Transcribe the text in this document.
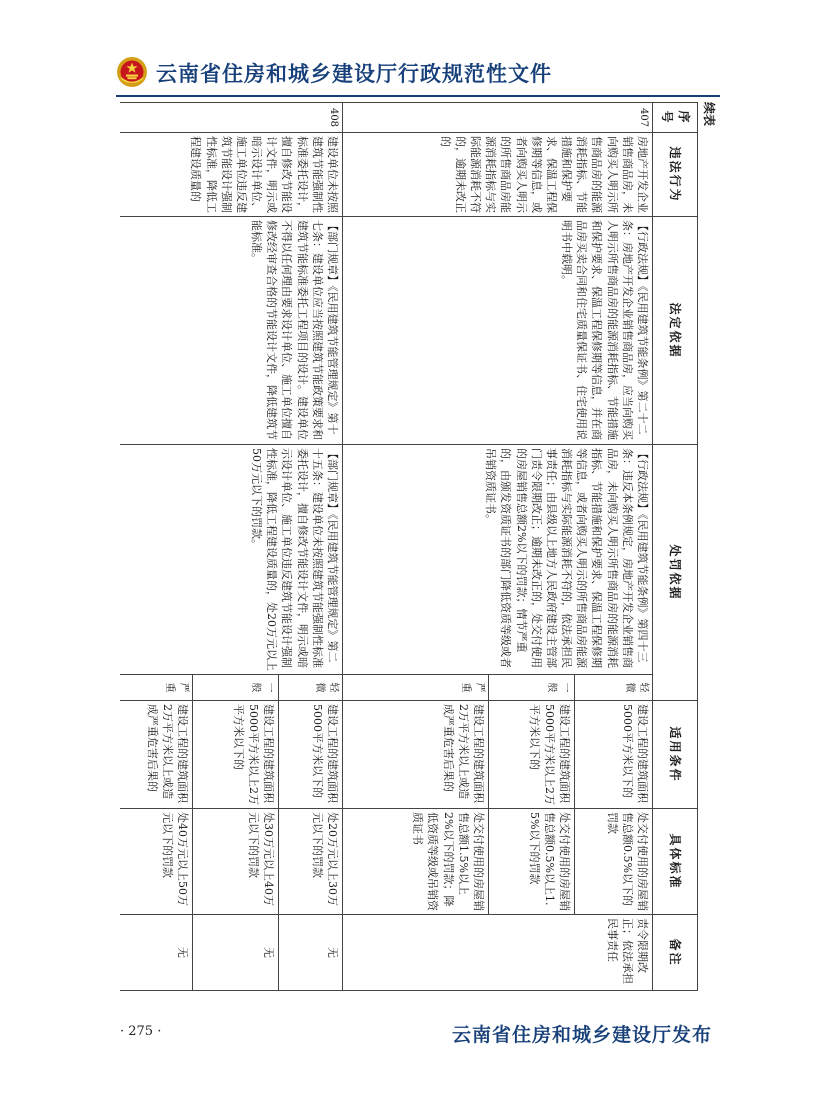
云南省住房和城乡建设厅行政规范性文件
续表
序号	违法行为	法定依据	处罚依据		适用条件	具体标准	备注
407	房地产开发企业销售商品房，未向购买人明示所售商品房的能源消耗指标、节能措施和保护要求、保温工程保修期等信息，或者向购买人明示的所售商品房能源消耗指标与实际能源消耗不符的，逾期未改正的	【行政法规】《民用建筑节能条例》第二十二条：房地产开发企业销售商品房，应当向购买人明示所售商品房的能源消耗指标、节能措施和保护要求、保温工程保修期等信息，并在商品房买卖合同和住宅质量保证书、住宅使用说明书中载明。	【行政法规】《民用建筑节能条例》第四十三条：违反本条例规定，房地产开发企业销售商品房，未向购买人明示所售商品房的能源消耗指标、节能措施和保护要求、保温工程保修期等信息，或者向购买人明示的所售商品房能源消耗指标与实际能源消耗不符的，依法承担民事责任；由县级以上地方人民政府建设主管部门责令限期改正；逾期未改正的，处交付使用的房屋销售总额2%以下的罚款；情节严重的，由颁发资质证书的部门降低资质等级或者吊销资质证书。	轻微	建设工程的建筑面积5000平方米以下的	处交付使用的房屋销售总额0.5%以下的罚款	责令限期改正；依法承担民事责任

				一般	建设工程的建筑面积5000平方米以上2万平方米以下的	处交付使用的房屋销售总额0.5%以上1.5%以下的罚款	

				严重	建设工程的建筑面积2万平方米以上或造成严重危害后果的	处交付使用的房屋销售总额1.5%以上2%以下的罚款；降低资质等级或吊销资质证书	
408	建设单位未按照建筑节能强制性标准委托设计，擅自修改节能设计文件，明示或暗示设计单位、施工单位违反建筑节能设计强制性标准，降低工程建设质量的	【部门规章】《民用建筑节能管理规定》第十七条：建设单位应当按照建筑节能政策要求和建筑节能标准委托工程项目的设计。建设单位不得以任何理由要求设计单位、施工单位擅自修改经审查合格的节能设计文件，降低建筑节能标准。	【部门规章】《民用建筑节能管理规定》第二十五条：建设单位未按照建筑节能强制性标准委托设计，擅自修改节能设计文件，明示或暗示设计单位、施工单位违反建筑节能设计强制性标准，降低工程建设质量的，处20万元以上50万元以下的罚款。	轻微	建设工程的建筑面积5000平方米以下的	处20万元以上30万元以下的罚款	无

				一般	建设工程的建筑面积5000平方米以上2万平方米以下的	处30万元以上40万元以下的罚款	无

				严重	建设工程的建筑面积2万平方米以上或造成严重危害后果的	处40万元以上50万元以下的罚款	无
· 275 ·	云南省住房和城乡建设厅发布
